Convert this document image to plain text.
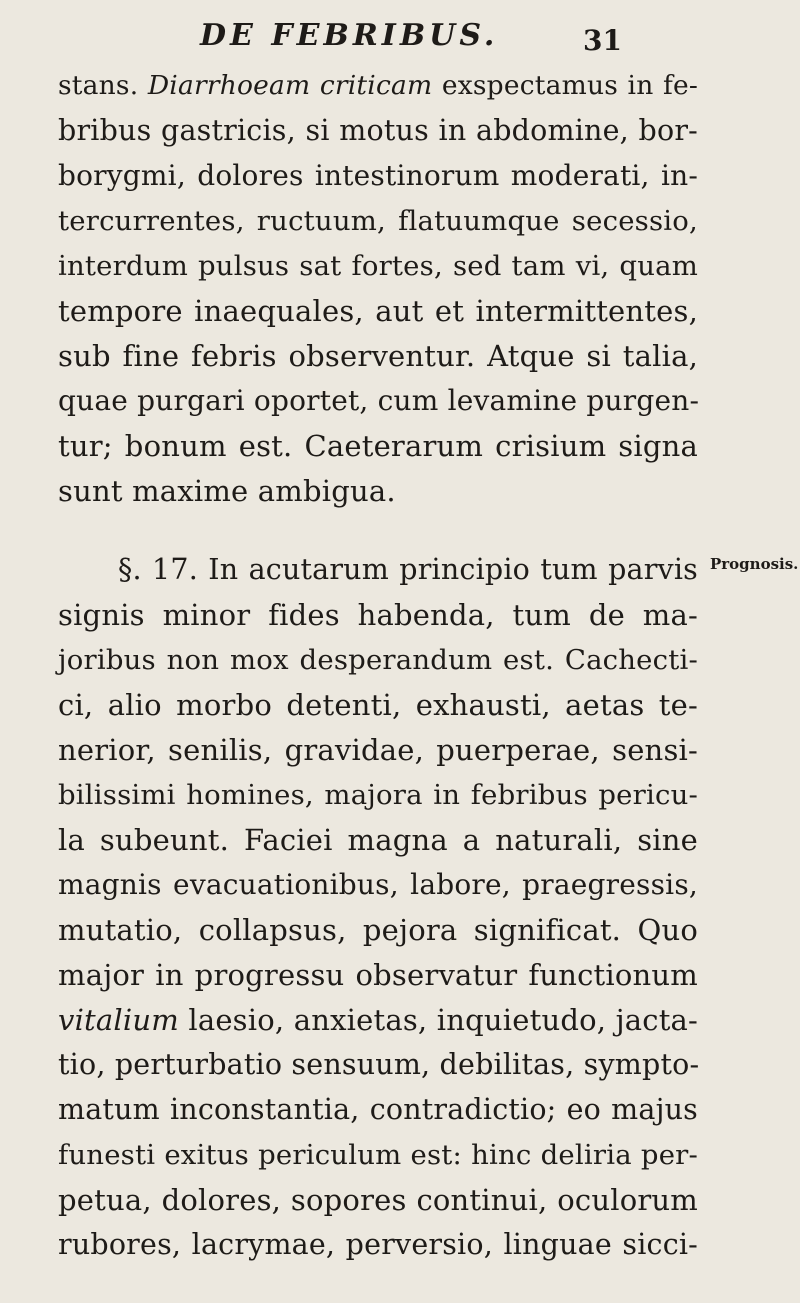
DE FEBRIBUS.	31
stans. Diarrhoeam criticam exspectamus in fe-
bribus gastricis, si motus in abdomine, bor-
borygmi, dolores intestinorum moderati, in-
tercurrentes, ructuum, flatuumque secessio,
interdum pulsus sat fortes, sed tam vi, quam
tempore inaequales, aut et intermittentes,
sub fine febris observentur. Atque si talia,
quae purgari oportet, cum levamine purgen-
tur; bonum est. Caeterarum crisium signa
sunt maxime ambigua.
§. 17. In acutarum principio tum parvis
signis minor fides habenda, tum de ma-
joribus non mox desperandum est. Cachecti-
ci, alio morbo detenti, exhausti, aetas te-
nerior, senilis, gravidae, puerperae, sensi-
bilissimi homines, majora in febribus pericu-
la subeunt. Faciei magna a naturali, sine
magnis evacuationibus, labore, praegressis,
mutatio, collapsus, pejora significat. Quo
major in progressu observatur functionum
vitalium laesio, anxietas, inquietudo, jacta-
tio, perturbatio sensuum, debilitas, sympto-
matum inconstantia, contradictio; eo majus
funesti exitus periculum est: hinc deliria per-
petua, dolores, sopores continui, oculorum
rubores, lacrymae, perversio, linguae sicci-
Prognosis.
